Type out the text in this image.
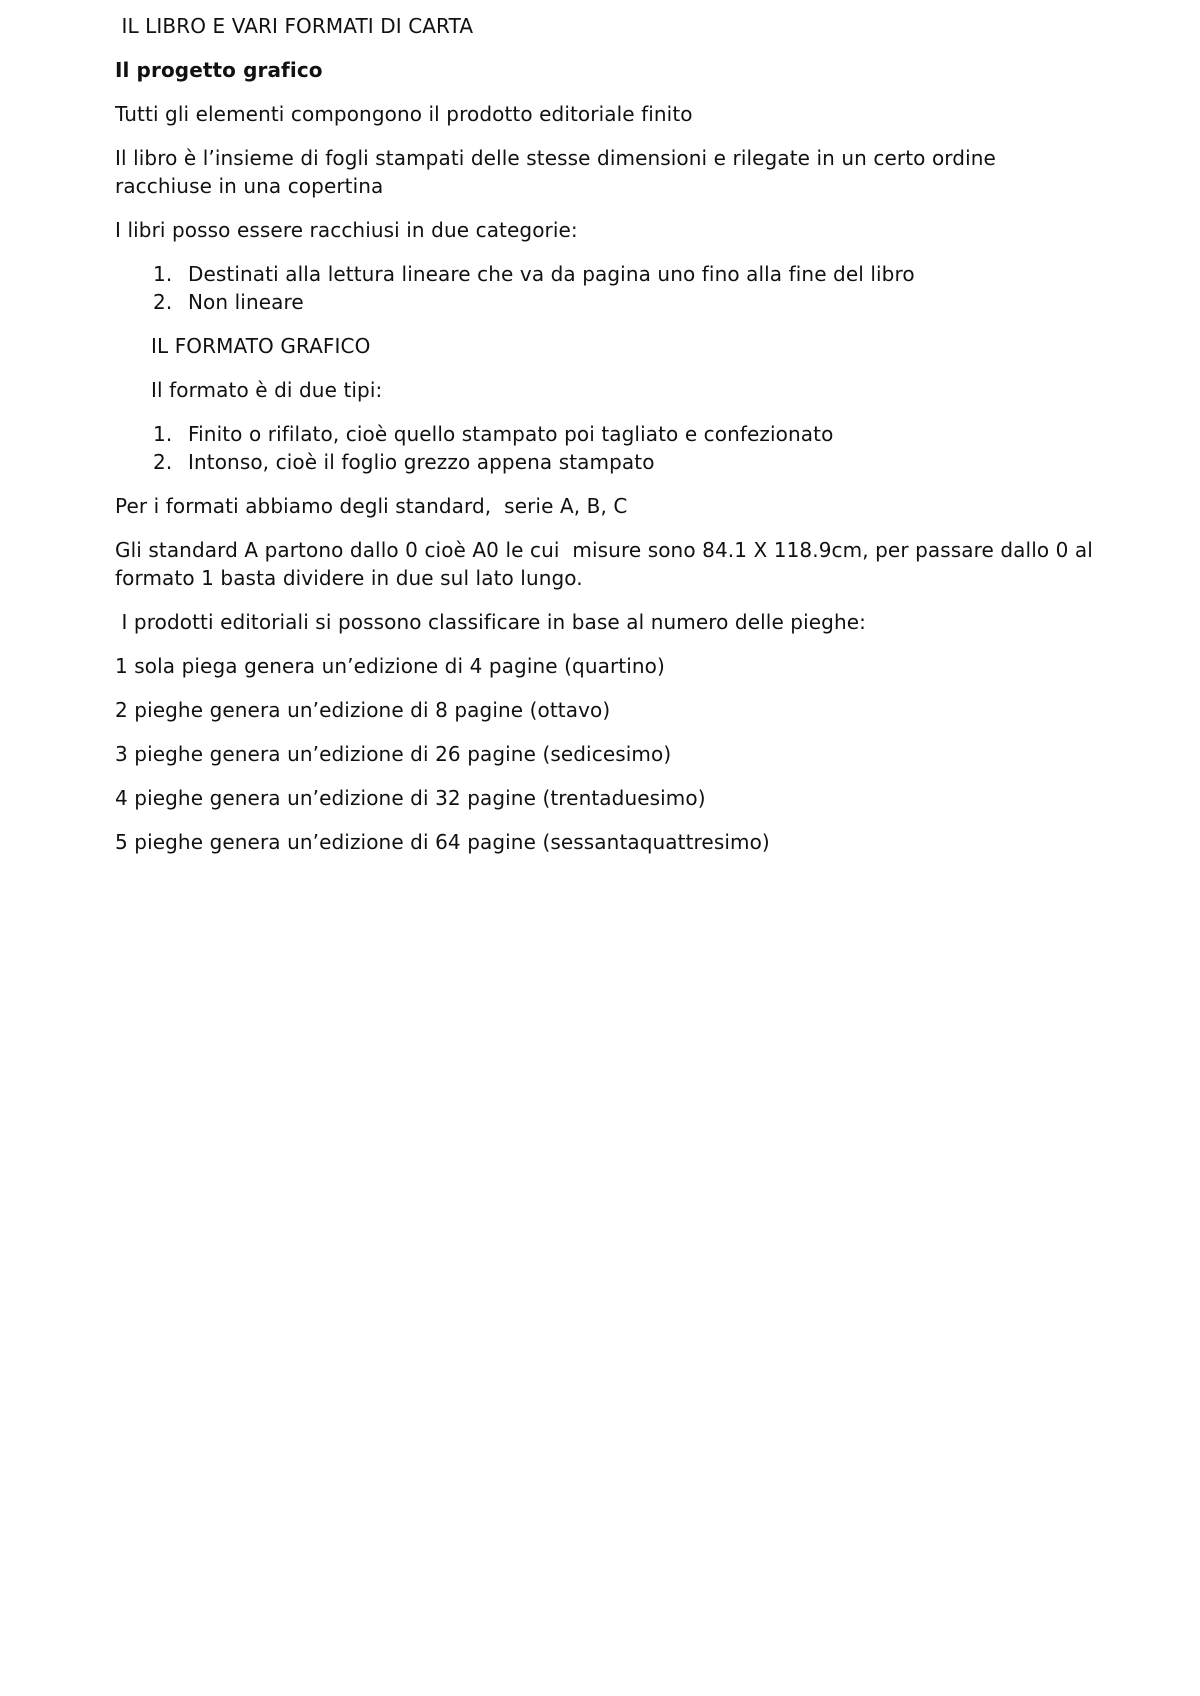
IL LIBRO E VARI FORMATI DI CARTA
Il progetto grafico

Tutti gli elementi compongono il prodotto editoriale finito

Il libro è l’insieme di fogli stampati delle stesse dimensioni e rilegate in un certo ordine racchiuse in una copertina

I libri posso essere racchiusi in due categorie:

1. Destinati alla lettura lineare che va da pagina uno fino alla fine del libro
2. Non lineare

IL FORMATO GRAFICO

Il formato è di due tipi:

1. Finito o rifilato, cioè quello stampato poi tagliato e confezionato
2. Intonso, cioè il foglio grezzo appena stampato

Per i formati abbiamo degli standard,  serie A, B, C

Gli standard A partono dallo 0 cioè A0 le cui  misure sono 84.1 X 118.9cm, per passare dallo 0 al formato 1 basta dividere in due sul lato lungo.

I prodotti editoriali si possono classificare in base al numero delle pieghe:

1 sola piega genera un’edizione di 4 pagine (quartino)

2 pieghe genera un’edizione di 8 pagine (ottavo)

3 pieghe genera un’edizione di 26 pagine (sedicesimo)

4 pieghe genera un’edizione di 32 pagine (trentaduesimo)

5 pieghe genera un’edizione di 64 pagine (sessantaquattresimo)
